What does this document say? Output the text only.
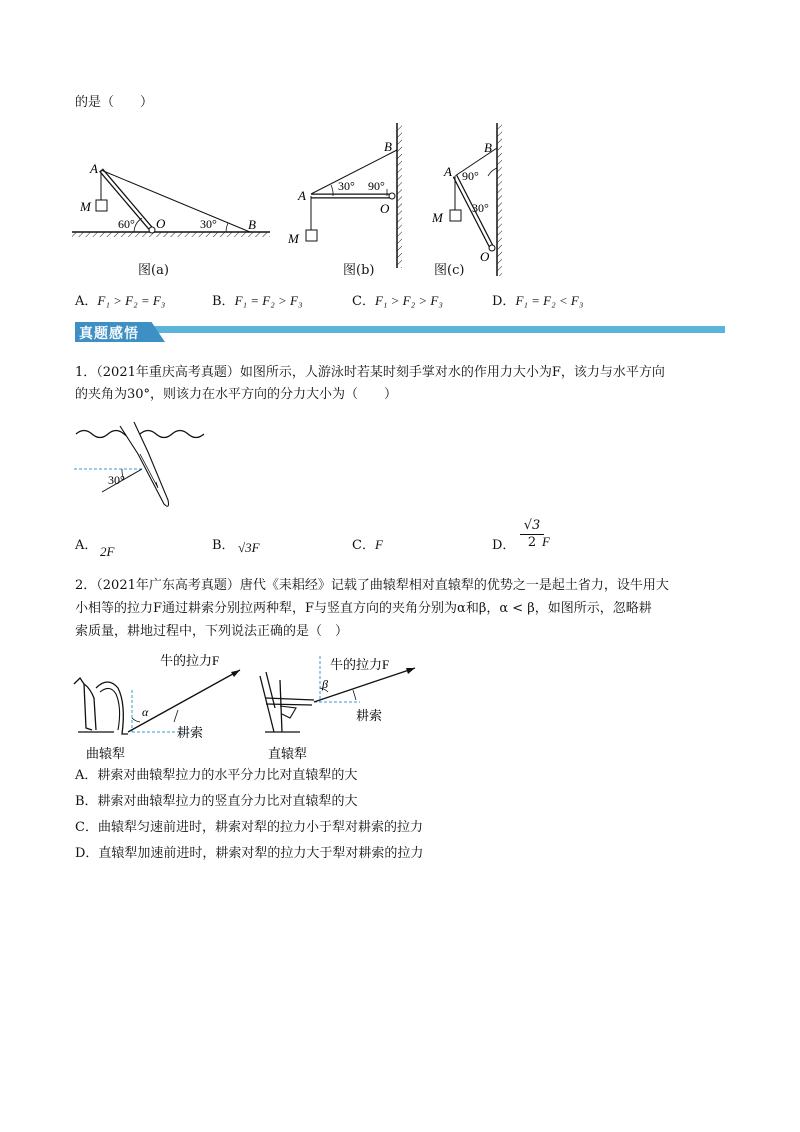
的是（　　）
A
M
60° O	30° B
A
B
30° 90°
O
M
A
B
90°
30°
O
M
图(a)	图(b)	图(c)
A．F₁ > F₂ = F₃	B．F₁ = F₂ > F₃	C．F₁ > F₂ > F₃	D．F₁ = F₂ < F₃
真题感悟
1．（2021年重庆高考真题）如图所示，人游泳时若某时刻手掌对水的作用力大小为F，该力与水平方向
的夹角为30°，则该力在水平方向的分力大小为（　　）
30°
A． 2F	B． √3F	C．F	D． $\frac{√3}{2}$
F
2．（2021年广东高考真题）唐代《耒耜经》记载了曲辕犁相对直辕犁的优势之一是起土省力，设牛用大
小相等的拉力F通过耕索分别拉两种犁，F与竖直方向的夹角分别为α和β，α < β，如图所示，忽略耕
索质量，耕地过程中，下列说法正确的是（　）
α
β
牛的拉力F
耕索
曲辕犁
牛的拉力F
耕索
直辕犁
A．耕索对曲辕犁拉力的水平分力比对直辕犁的大
B．耕索对曲辕犁拉力的竖直分力比对直辕犁的大
C．曲辕犁匀速前进时，耕索对犁的拉力小于犁对耕索的拉力
D．直辕犁加速前进时，耕索对犁的拉力大于犁对耕索的拉力
